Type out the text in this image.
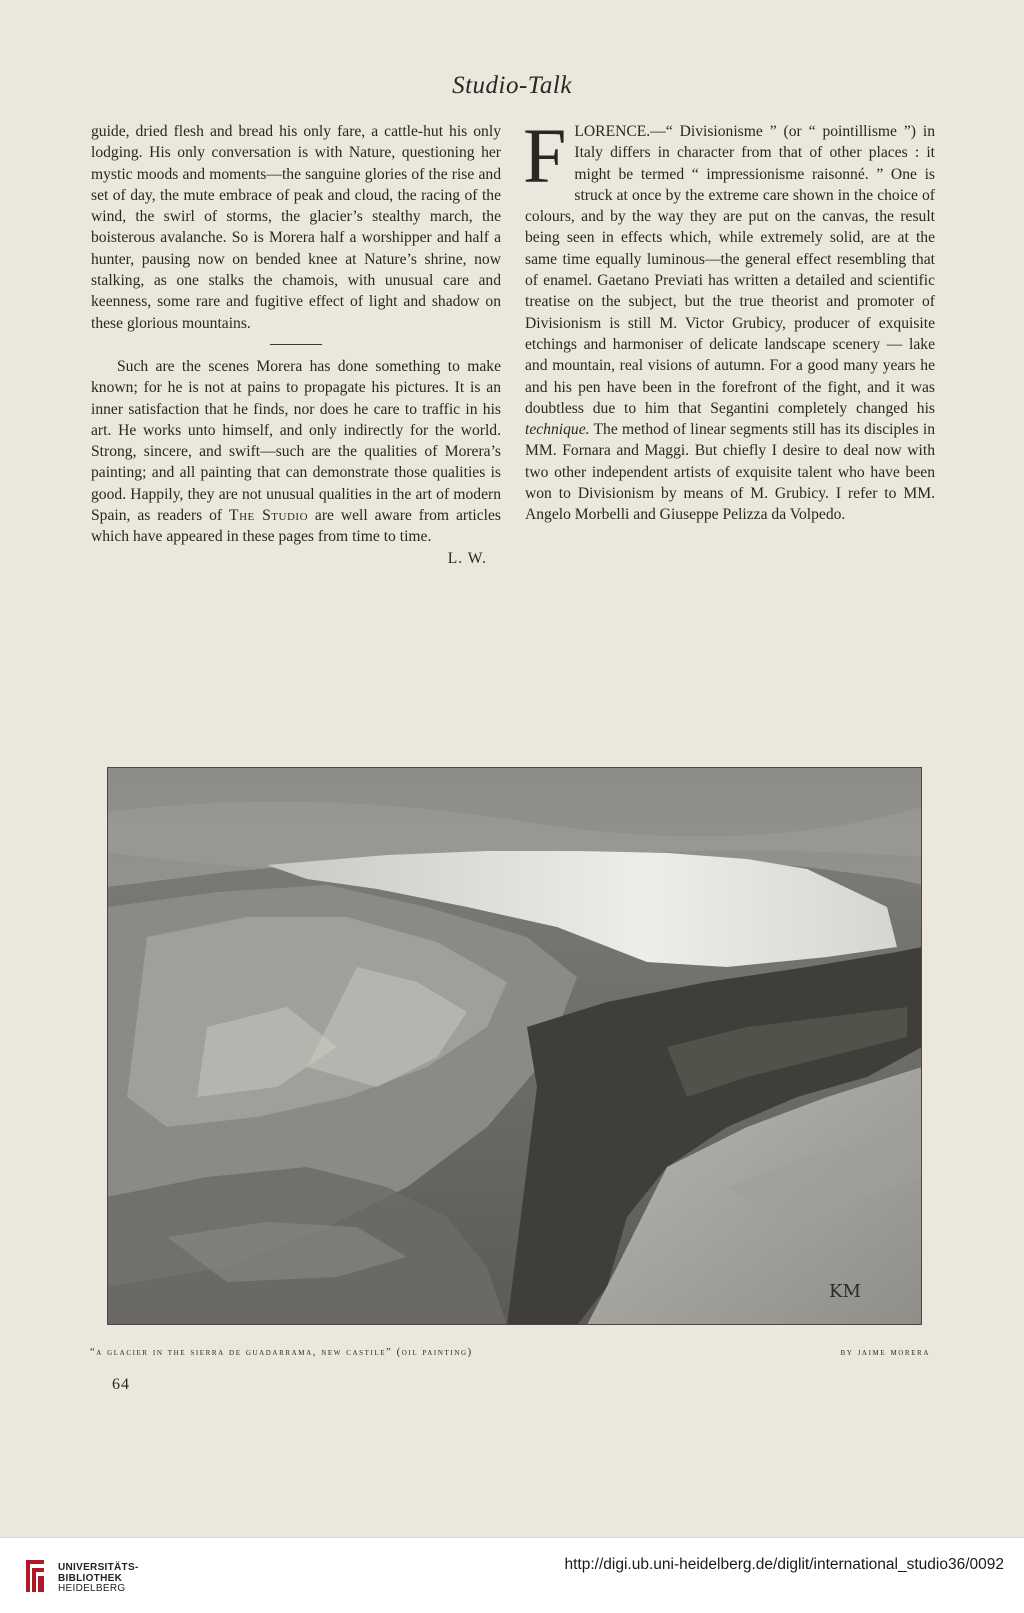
Studio-Talk

guide, dried flesh and bread his only fare, a cattle-hut his only lodging. His only conversation is with Nature, questioning her mystic moods and moments—the sanguine glories of the rise and set of day, the mute embrace of peak and cloud, the racing of the wind, the swirl of storms, the glacier’s stealthy march, the boisterous avalanche. So is Morera half a worshipper and half a hunter, pausing now on bended knee at Nature’s shrine, now stalking, as one stalks the chamois, with unusual care and keenness, some rare and fugitive effect of light and shadow on these glorious mountains.

Such are the scenes Morera has done something to make known; for he is not at pains to propagate his pictures. It is an inner satisfaction that he finds, nor does he care to traffic in his art. He works unto himself, and only indirectly for the world. Strong, sincere, and swift—such are the qualities of Morera’s painting; and all painting that can demonstrate those qualities is good. Happily, they are not unusual qualities in the art of modern Spain, as readers of The Studio are well aware from articles which have appeared in these pages from time to time.
L. W.

FLORENCE.—“ Divisionisme ” (or “ pointillisme ”) in Italy differs in character from that of other places : it might be termed “ impressionisme raisonné. ” One is struck at once by the extreme care shown in the choice of colours, and by the way they are put on the canvas, the result being seen in effects which, while extremely solid, are at the same time equally luminous—the general effect resembling that of enamel. Gaetano Previati has written a detailed and scientific treatise on the subject, but the true theorist and promoter of Divisionism is still M. Victor Grubicy, producer of exquisite etchings and harmoniser of delicate landscape scenery — lake and mountain, real visions of autumn. For a good many years he and his pen have been in the forefront of the fight, and it was doubtless due to him that Segantini completely changed his technique. The method of linear segments still has its disciples in MM. Fornara and Maggi. But chiefly I desire to deal now with two other independent artists of exquisite talent who have been won to Divisionism by means of M. Grubicy. I refer to MM. Angelo Morbelli and Giuseppe Pelizza da Volpedo.

KM
“a glacier in the sierra de guadarrama, new castile” (oil painting)	by jaime morera
64
UNIVERSITÄTS-
BIBLIOTHEK
HEIDELBERG
http://digi.ub.uni-heidelberg.de/diglit/international_studio36/0092
